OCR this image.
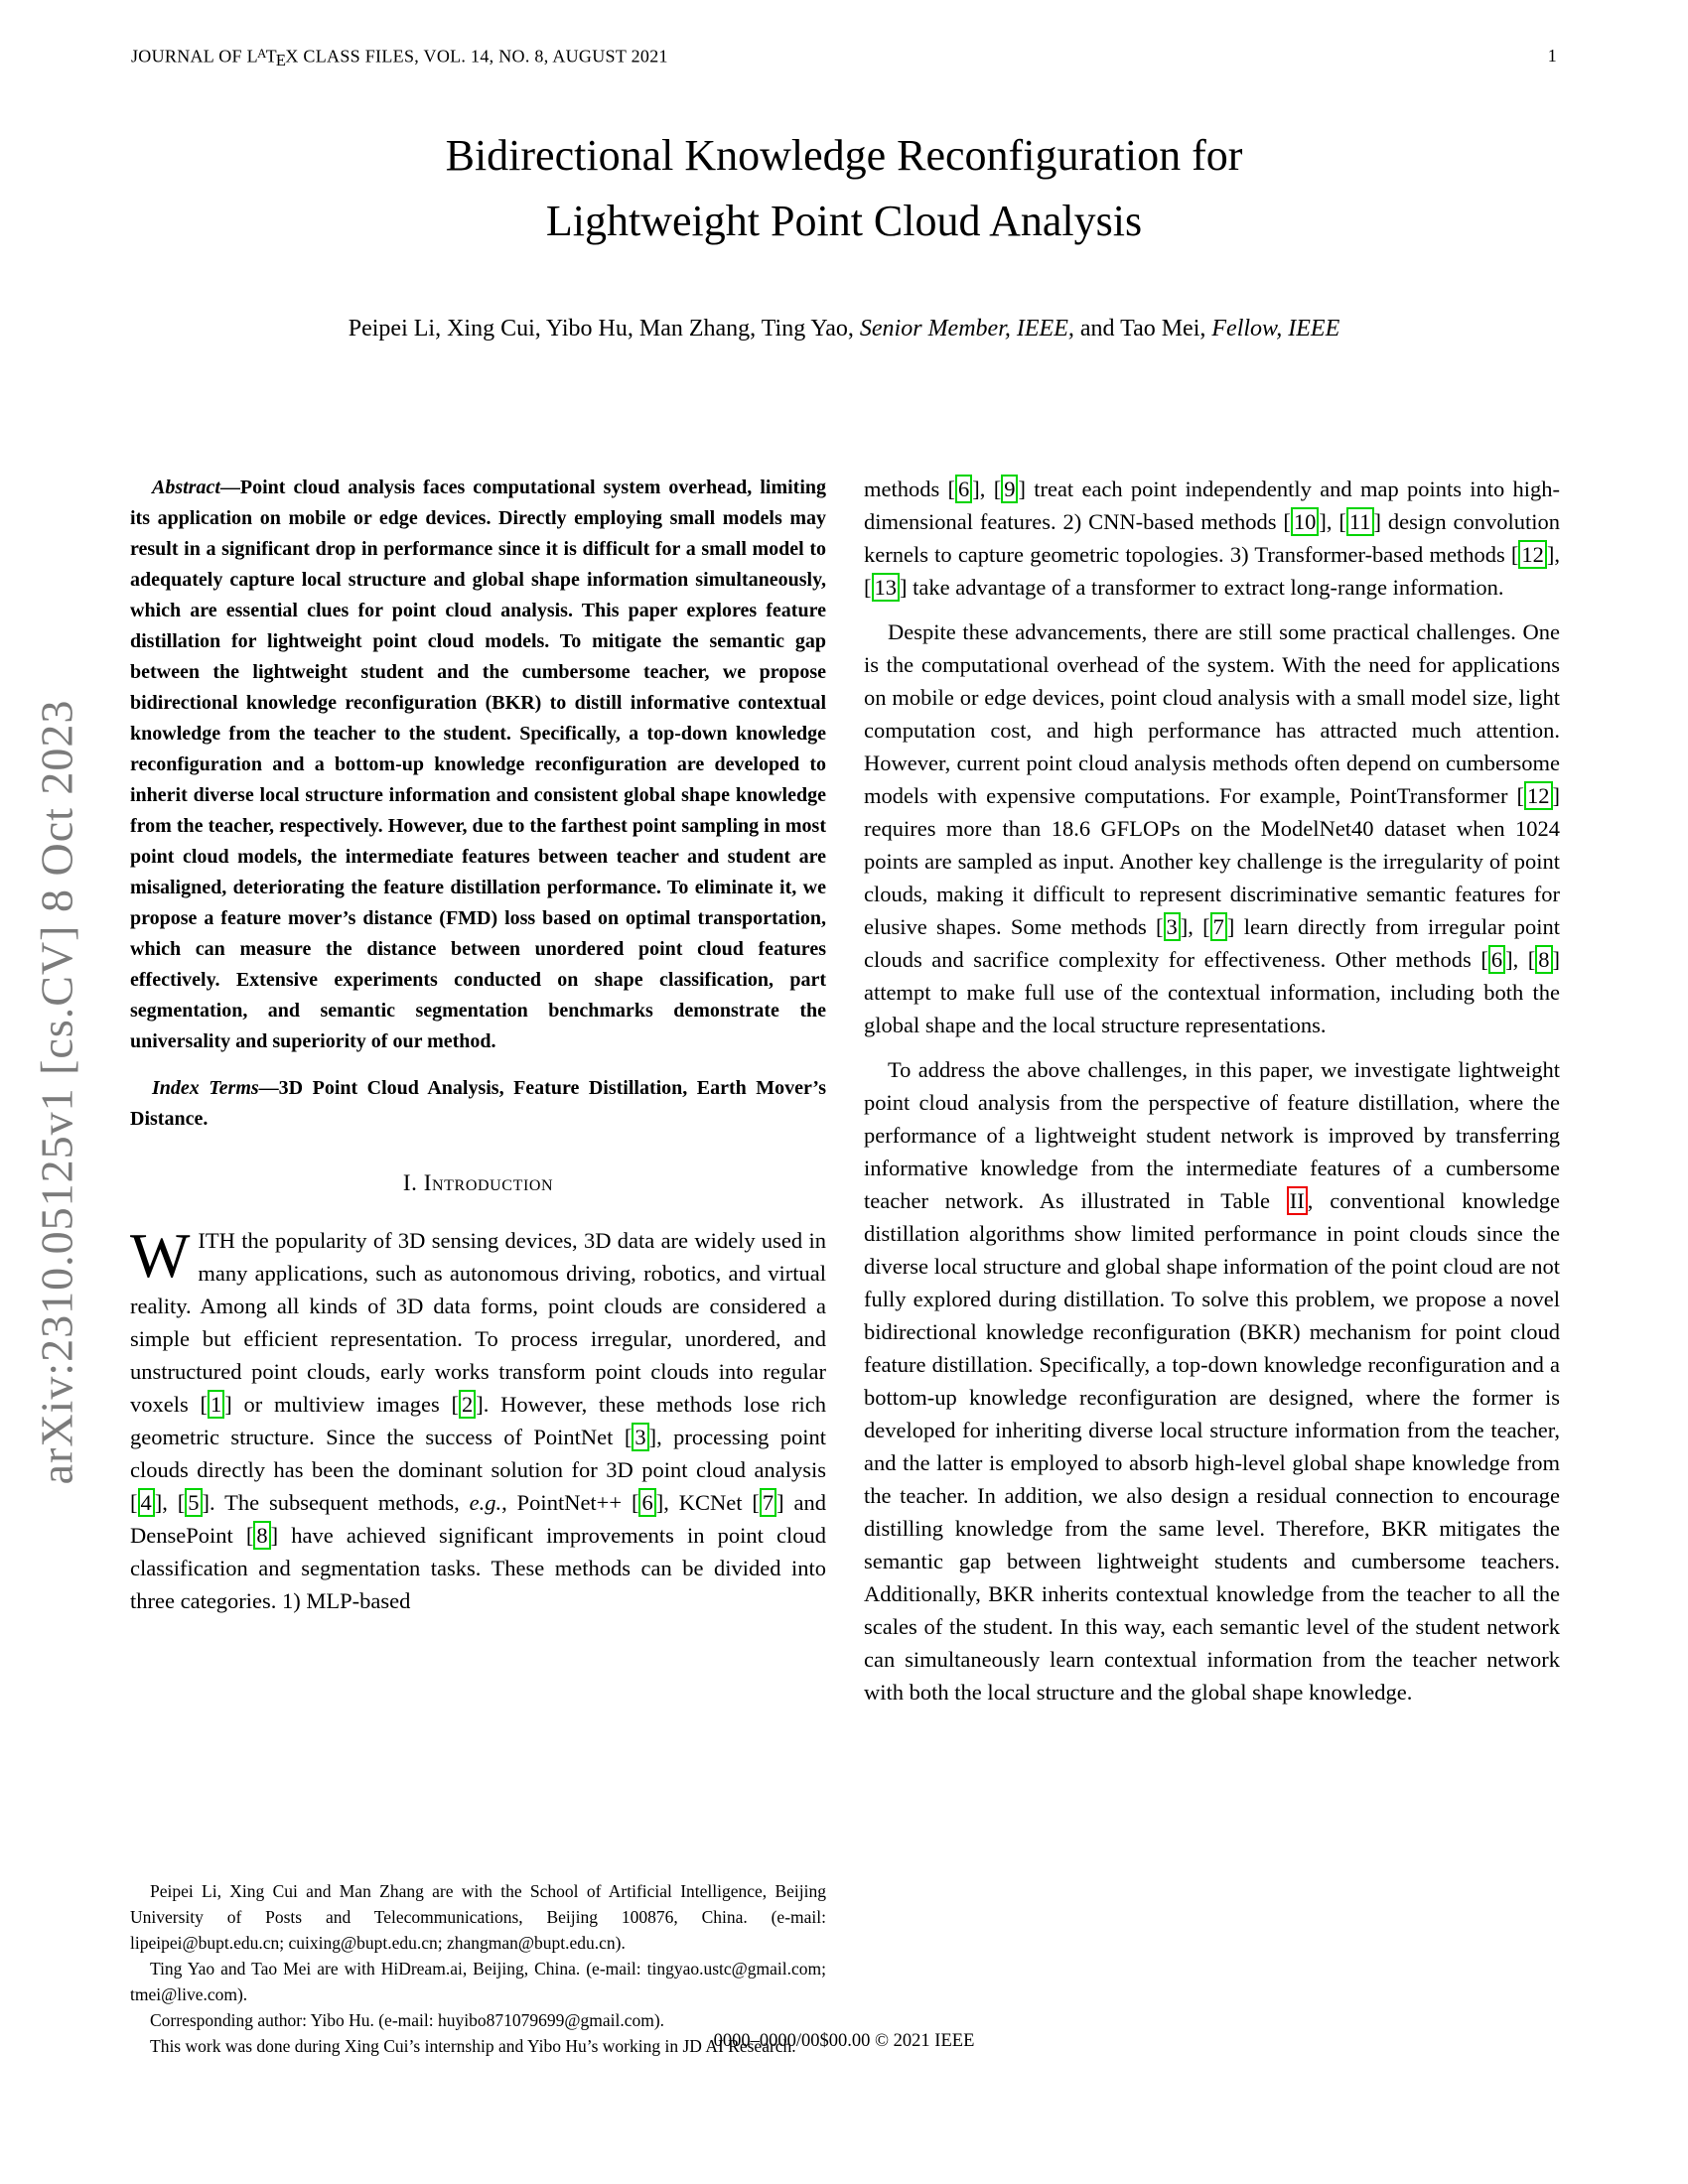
JOURNAL OF $L^ATEX$ CLASS FILES, VOL. 14, NO. 8, AUGUST 2021	1
arXiv:2310.05125v1 [cs.CV] 8 Oct 2023
Bidirectional Knowledge Reconfiguration for
Lightweight Point Cloud Analysis
Peipei Li, Xing Cui, Yibo Hu, Man Zhang, Ting Yao, Senior Member, IEEE, and Tao Mei, Fellow, IEEE

Abstract—Point cloud analysis faces computational system overhead, limiting its application on mobile or edge devices. Directly employing small models may result in a significant drop in performance since it is difficult for a small model to adequately capture local structure and global shape information simultaneously, which are essential clues for point cloud analysis. This paper explores feature distillation for lightweight point cloud models. To mitigate the semantic gap between the lightweight student and the cumbersome teacher, we propose bidirectional knowledge reconfiguration (BKR) to distill informative contextual knowledge from the teacher to the student. Specifically, a top-down knowledge reconfiguration and a bottom-up knowledge reconfiguration are developed to inherit diverse local structure information and consistent global shape knowledge from the teacher, respectively. However, due to the farthest point sampling in most point cloud models, the intermediate features between teacher and student are misaligned, deteriorating the feature distillation performance. To eliminate it, we propose a feature mover’s distance (FMD) loss based on optimal transportation, which can measure the distance between unordered point cloud features effectively. Extensive experiments conducted on shape classification, part segmentation, and semantic segmentation benchmarks demonstrate the universality and superiority of our method.

Index Terms—3D Point Cloud Analysis, Feature Distillation, Earth Mover’s Distance.

I. Introduction

WITH the popularity of 3D sensing devices, 3D data are widely used in many applications, such as autonomous driving, robotics, and virtual reality. Among all kinds of 3D data forms, point clouds are considered a simple but efficient representation. To process irregular, unordered, and unstructured point clouds, early works transform point clouds into regular voxels [ 1 ] or multiview images [ 2 ]. However, these methods lose rich geometric structure. Since the success of PointNet [ 3 ], processing point clouds directly has been the dominant solution for 3D point cloud analysis [ 4 ], [ 5 ]. The subsequent methods, e.g., PointNet++ [ 6 ], KCNet [ 7 ] and DensePoint [ 8 ] have achieved significant improvements in point cloud classification and segmentation tasks. These methods can be divided into three categories. 1) MLP-based

Peipei Li, Xing Cui and Man Zhang are with the School of Artificial Intelligence, Beijing University of Posts and Telecommunications, Beijing 100876, China. (e-mail: lipeipei@bupt.edu.cn; cuixing@bupt.edu.cn; zhangman@bupt.edu.cn).

Ting Yao and Tao Mei are with HiDream.ai, Beijing, China. (e-mail: tingyao.ustc@gmail.com; tmei@live.com).

Corresponding author: Yibo Hu. (e-mail: huyibo871079699@gmail.com).

This work was done during Xing Cui’s internship and Yibo Hu’s working in JD AI Research.

methods [ 6 ], [ 9 ] treat each point independently and map points into high-dimensional features. 2) CNN-based methods [ 10 ], [ 11 ] design convolution kernels to capture geometric topologies. 3) Transformer-based methods [ 12 ], [ 13 ] take advantage of a transformer to extract long-range information.

Despite these advancements, there are still some practical challenges. One is the computational overhead of the system. With the need for applications on mobile or edge devices, point cloud analysis with a small model size, light computation cost, and high performance has attracted much attention. However, current point cloud analysis methods often depend on cumbersome models with expensive computations. For example, PointTransformer [ 12 ] requires more than 18.6 GFLOPs on the ModelNet40 dataset when 1024 points are sampled as input. Another key challenge is the irregularity of point clouds, making it difficult to represent discriminative semantic features for elusive shapes. Some methods [ 3 ], [ 7 ] learn directly from irregular point clouds and sacrifice complexity for effectiveness. Other methods [ 6 ], [ 8 ] attempt to make full use of the contextual information, including both the global shape and the local structure representations.

To address the above challenges, in this paper, we investigate lightweight point cloud analysis from the perspective of feature distillation, where the performance of a lightweight student network is improved by transferring informative knowledge from the intermediate features of a cumbersome teacher network. As illustrated in Table II , conventional knowledge distillation algorithms show limited performance in point clouds since the diverse local structure and global shape information of the point cloud are not fully explored during distillation. To solve this problem, we propose a novel bidirectional knowledge reconfiguration (BKR) mechanism for point cloud feature distillation. Specifically, a top-down knowledge reconfiguration and a bottom-up knowledge reconfiguration are designed, where the former is developed for inheriting diverse local structure information from the teacher, and the latter is employed to absorb high-level global shape knowledge from the teacher. In addition, we also design a residual connection to encourage distilling knowledge from the same level. Therefore, BKR mitigates the semantic gap between lightweight students and cumbersome teachers. Additionally, BKR inherits contextual knowledge from the teacher to all the scales of the student. In this way, each semantic level of the student network can simultaneously learn contextual information from the teacher network with both the local structure and the global shape knowledge.

0000–0000/00$00.00 © 2021 IEEE
